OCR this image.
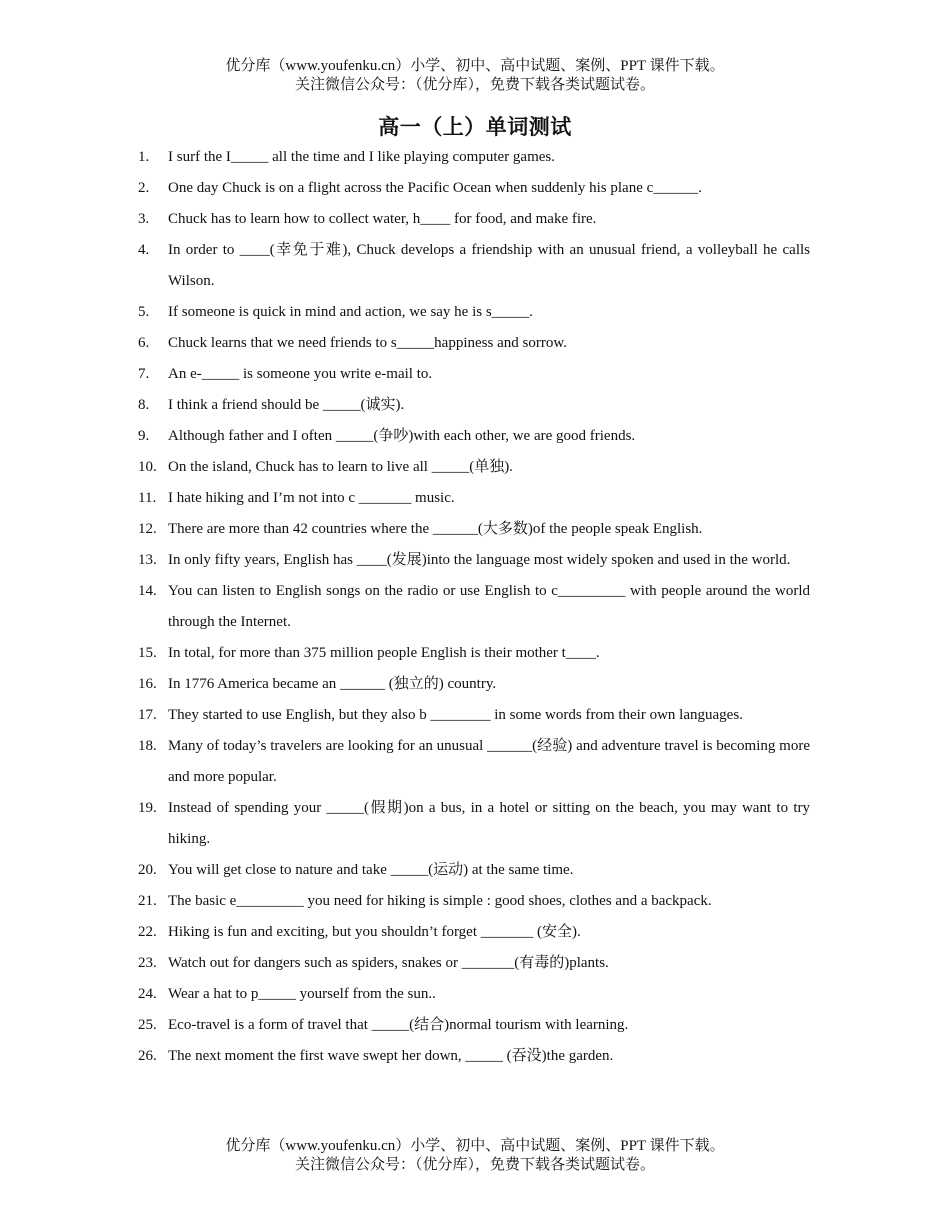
优分库（www.youfenku.cn）小学、初中、高中试题、案例、PPT 课件下载。
关注微信公众号：（优分库），免费下载各类试题试卷。
高一（上）单词测试
1.	I surf the I_____ all the time and I like playing computer games.
2.	One day Chuck is on a flight across the Pacific Ocean when suddenly his plane c______.
3.	Chuck has to learn how to collect water, h____ for food, and make fire.
4.	In order to ____(幸免于难), Chuck develops a friendship with an unusual friend, a volleyball he calls Wilson.
5.	If someone is quick in mind and action, we say he is s_____.
6.	Chuck learns that we need friends to s_____happiness and sorrow.
7.	An e-_____ is someone you write e-mail to.
8.	I think a friend should be _____(诚实).
9.	Although father and I often _____(争吵)with each other, we are good friends.
10. On the island, Chuck has to learn to live all _____(单独).
11. I hate hiking and I’m not into c _______ music.
12. There are more than 42 countries where the ______(大多数)of the people speak English.
13. In only fifty years, English has ____(发展)into the language most widely spoken and used in the world.
14. You can listen to English songs on the radio or use English to c_________ with people around the world through the Internet.
15. In total, for more than 375 million people English is their mother t____.
16. In 1776 America became an ______ (独立的) country.
17. They started to use English, but they also b ________ in some words from their own languages.
18. Many of today’s travelers are looking for an unusual ______(经验) and adventure travel is becoming more and more popular.
19. Instead of spending your _____(假期)on a bus, in a hotel or sitting on the beach, you may want to try hiking.
20. You will get close to nature and take _____(运动) at the same time.
21. The basic e_________ you need for hiking is simple : good shoes, clothes and a backpack.
22. Hiking is fun and exciting, but you shouldn’t forget _______ (安全).
23. Watch out for dangers such as spiders, snakes or _______(有毒的)plants.
24. Wear a hat to p_____ yourself from the sun..
25. Eco-travel is a form of travel that _____(结合)normal tourism with learning.
26. The next moment the first wave swept her down, _____ (吞没)the garden.
优分库（www.youfenku.cn）小学、初中、高中试题、案例、PPT 课件下载。
关注微信公众号：（优分库），免费下载各类试题试卷。
